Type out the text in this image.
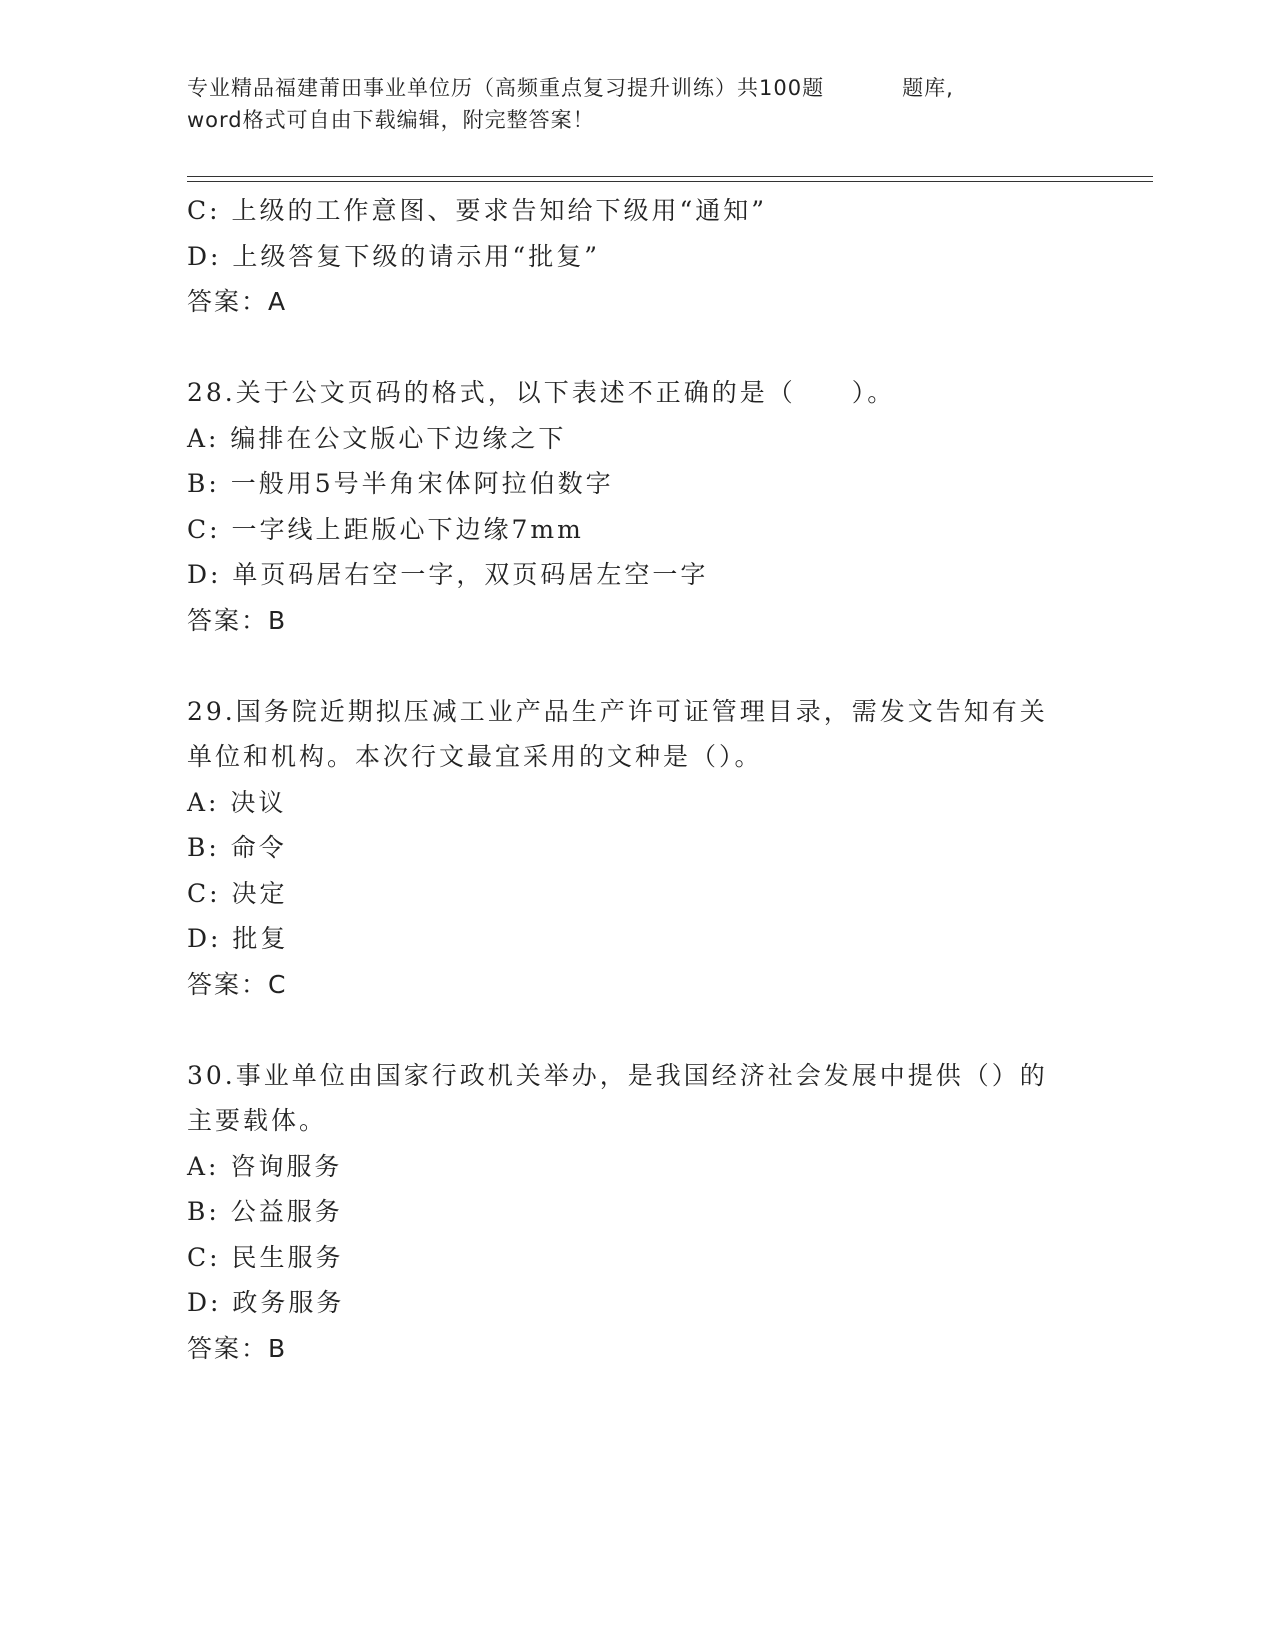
专业精品福建莆田事业单位历（高频重点复习提升训练）共100题	题库,
word格式可自由下载编辑，附完整答案！
C: 上级的工作意图、要求告知给下级用“通知”
D: 上级答复下级的请示用“批复”
答案：A
28.关于公文页码的格式，以下表述不正确的是（　　）。
A: 编排在公文版心下边缘之下
B: 一般用5号半角宋体阿拉伯数字
C: 一字线上距版心下边缘7mm
D: 单页码居右空一字，双页码居左空一字
答案：B
29.国务院近期拟压减工业产品生产许可证管理目录，需发文告知有关
单位和机构。本次行文最宜采用的文种是（）。
A: 决议
B: 命令
C: 决定
D: 批复
答案：C
30.事业单位由国家行政机关举办，是我国经济社会发展中提供（）的
主要载体。
A: 咨询服务
B: 公益服务
C: 民生服务
D: 政务服务
答案：B
